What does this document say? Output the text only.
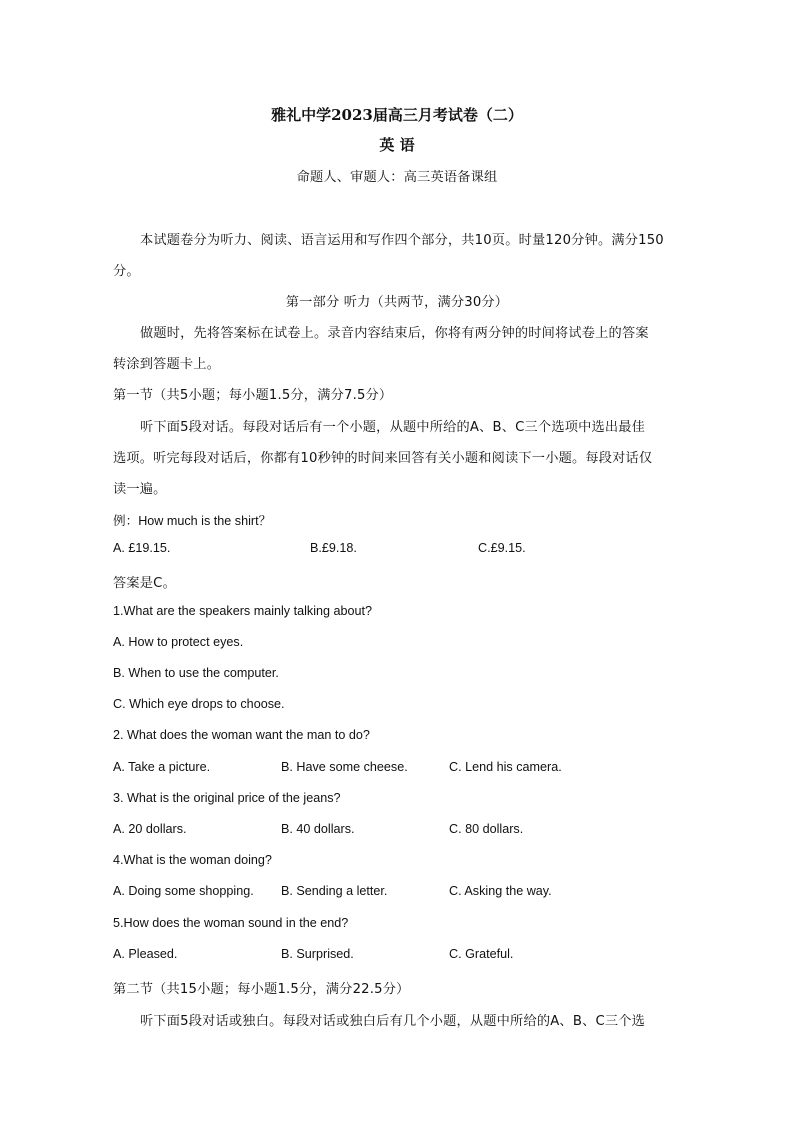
雅礼中学2023届高三月考试卷（二）
英 语
命题人、审题人：高三英语备课组
本试题卷分为听力、阅读、语言运用和写作四个部分，共10页。时量120分钟。满分150
分。
第一部分 听力（共两节，满分30分）
做题时，先将答案标在试卷上。录音内容结束后，你将有两分钟的时间将试卷上的答案
转涂到答题卡上。
第一节（共5小题；每小题1.5分，满分7.5分）
听下面5段对话。每段对话后有一个小题，从题中所给的A、B、C三个选项中选出最佳
选项。听完每段对话后，你都有10秒钟的时间来回答有关小题和阅读下一小题。每段对话仅
读一遍。
例：How much is the shirt？
A. £19.15.	B.£9.18.	C.£9.15.
答案是C。
1.What are the speakers mainly talking about?
A. How to protect eyes.
B. When to use the computer.
C. Which eye drops to choose.
2. What does the woman want the man to do?
A. Take a picture.	B. Have some cheese.	C. Lend his camera.
3. What is the original price of the jeans?
A. 20 dollars.	B. 40 dollars.	C. 80 dollars.
4.What is the woman doing?
A. Doing some shopping. B. Sending a letter.	C. Asking the way.
5.How does the woman sound in the end?
A. Pleased.	B. Surprised.	C. Grateful.
第二节（共15小题；每小题1.5分，满分22.5分）
听下面5段对话或独白。每段对话或独白后有几个小题，从题中所给的A、B、C三个选
